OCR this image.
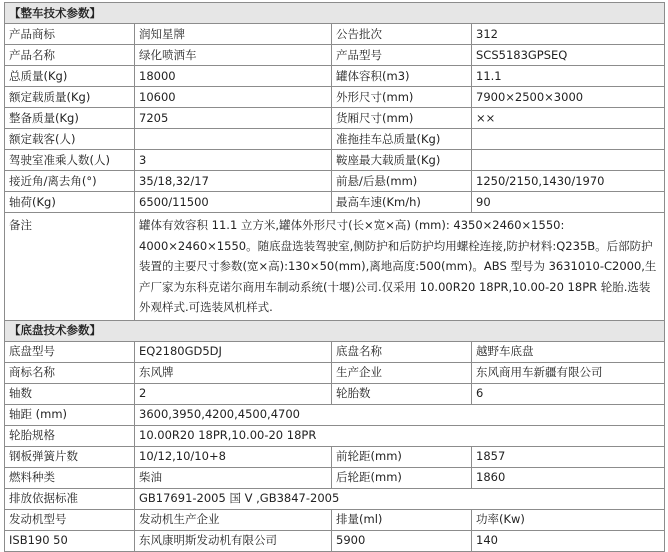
【整车技术参数】			
产品商标	润知星牌	公告批次	312
产品名称	绿化喷洒车	产品型号	SCS5183GPSEQ
总质量(Kg)	18000	罐体容积(m3)	11.1
额定载质量(Kg)	10600	外形尺寸(mm)	7900×2500×3000
整备质量(Kg)	7205	货厢尺寸(mm)	××
额定载客(人)		准拖挂车总质量(Kg)	
驾驶室准乘人数(人)	3	鞍座最大载质量(Kg)	
接近角/离去角(°)	35/18,32/17	前悬/后悬(mm)	1250/2150,1430/1970
轴荷(Kg)	6500/11500	最高车速(Km/h)	90
备注	罐体有效容积 11.1 立方米,罐体外形尺寸(长×宽×高) (mm): 4350×2460×1550: 4000×2460×1550。随底盘选装驾驶室,侧防护和后防护均用螺栓连接,防护材料:Q235B。后部防护装置的主要尺寸参数(宽×高):130×50(mm),离地高度:500(mm)。ABS 型号为 3631010-C2000,生产厂家为东科克诺尔商用车制动系统(十堰)公司.仅采用 10.00R20 18PR,10.00-20 18PR 轮胎.选装外观样式.可选装风机样式.		
【底盘技术参数】			
底盘型号	EQ2180GD5DJ	底盘名称	越野车底盘
商标名称	东风牌	生产企业	东风商用车新疆有限公司
轴数	2	轮胎数	6
轴距 (mm)	3600,3950,4200,4500,4700		
轮胎规格	10.00R20 18PR,10.00-20 18PR		
钢板弹簧片数	10/12,10/10+8	前轮距(mm)	1857
燃料种类	柴油	后轮距(mm)	1860
排放依据标准	GB17691-2005 国 V ,GB3847-2005		
发动机型号	发动机生产企业	排量(ml)	功率(Kw)
ISB190 50	东风康明斯发动机有限公司	5900	140
